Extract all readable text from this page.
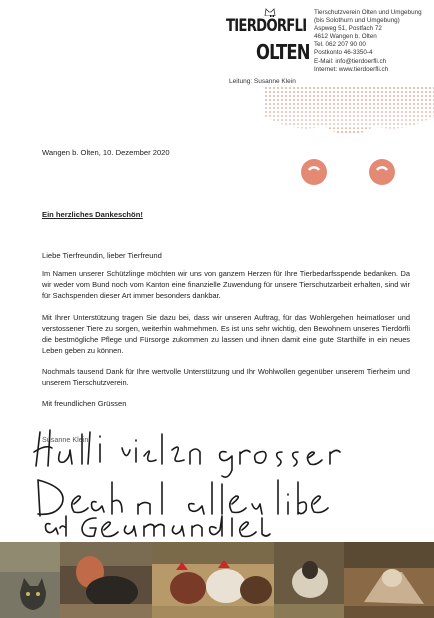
TIERDÖRFLI
OLTEN
Leitung: Susanne Klein
Tierschutzverein Olten und Umgebung
(bis Solothurn und Umgebung)
Aspweg 51, Postfach 72
4612 Wangen b. Olten
Tel. 062 207 90 00
Postkonto 46-3350-4
E-Mail: info@tierdoerfli.ch
Internet: www.tierdoerfli.ch
Wangen b. Olten, 10. Dezember 2020
Ein herzliches Dankeschön!
Liebe Tierfreundin, lieber Tierfreund

Im Namen unserer Schützlinge möchten wir uns von ganzem Herzen für Ihre Tierbedarfsspende bedanken. Da wir weder vom Bund noch vom Kanton eine finanzielle Zuwendung für unsere Tierschutzarbeit erhalten, sind wir für Sachspenden dieser Art immer besonders dankbar.

Mit Ihrer Unterstützung tragen Sie dazu bei, dass wir unseren Auftrag, für das Wohlergehen heimatloser und verstossener Tiere zu sorgen, weiterhin wahrnehmen. Es ist uns sehr wichtig, den Bewohnern unseres Tierdörfli die bestmögliche Pflege und Fürsorge zukommen zu lassen und ihnen damit eine gute Starthilfe in ein neues Leben geben zu können.

Nochmals tausend Dank für Ihre wertvolle Unterstützung und Ihr Wohlwollen gegenüber unserem Tierheim und unserem Tierschutzverein.

Mit freundlichen Grüssen
Susanne Klein
